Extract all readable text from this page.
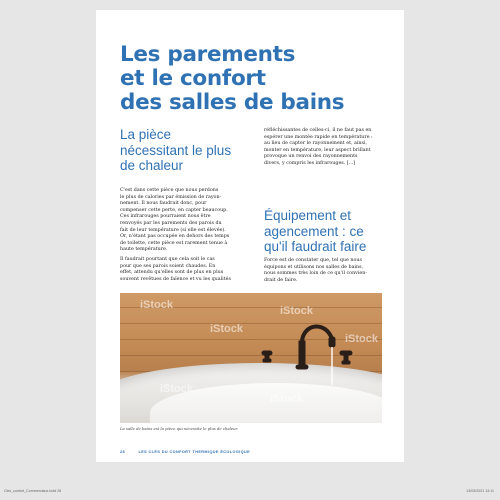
Les parements
et le confort
des salles de bains
La pièce
nécessitant le plus
de chaleur

C'est dans cette pièce que nous perdons
le plus de calories par émission de rayon-
nement. Il nous faudrait donc, pour
compenser cette perte, en capter beaucoup.
Ces infrarouges pourraient nous être
renvoyés par les parements des parois du
fait de leur température (si elle est élevée).
Or, n'étant pas occupée en dehors des temps
de toilette, cette pièce est rarement tenue à
haute température.

Il faudrait pourtant que cela soit le cas
pour que ses parois soient chaudes. En
effet, attendu qu'elles sont de plus en plus
souvent revêtues de faïence et vu les qualités

réfléchissantes de celles-ci, il ne faut pas en
espérer une montée rapide en température :
au lieu de capter le rayonnement et, ainsi,
monter en température, leur aspect brillant
provoque un renvoi des rayonnements
divers, y compris les infrarouges. [...]
Équipement et
agencement : ce
qu'il faudrait faire
Force est de constater que, tel que nous
équipons et utilisons nos salles de bains,
nous sommes très loin de ce qu'il convien-
drait de faire.
iStock
iStock
iStock
iStock
iStock
iStock
La salle de bains est la pièce qui nécessite le plus de chaleur.
28	LES CLÉS DU CONFORT THERMIQUE ÉCOLOGIQUE
Cles_confort_Commerciaux.indd 28	13/03/2021 14:11
